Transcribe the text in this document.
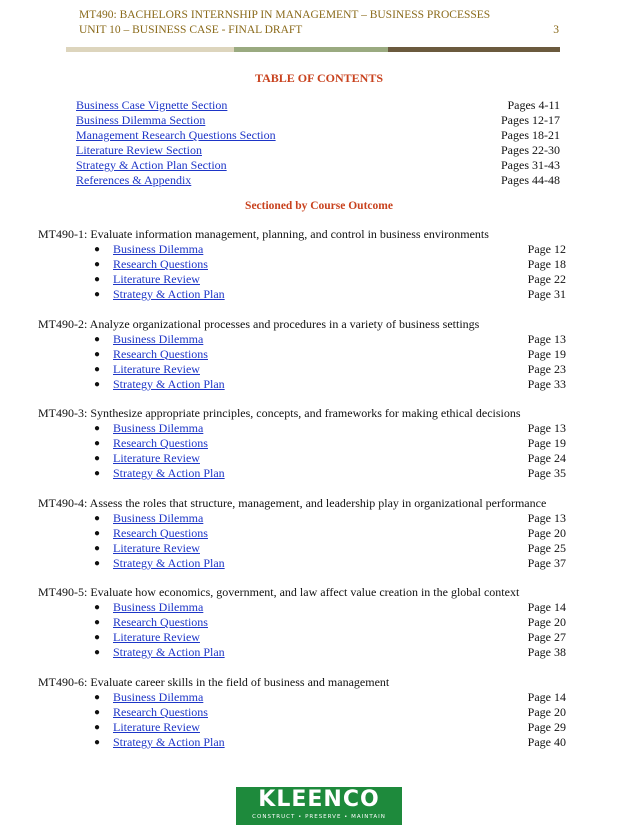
MT490: BACHELORS INTERNSHIP IN MANAGEMENT – BUSINESS PROCESSES
UNIT 10 – BUSINESS CASE - FINAL DRAFT	3
TABLE OF CONTENTS
Business Case Vignette Section	Pages 4-11
Business Dilemma Section	Pages 12-17
Management Research Questions Section	Pages 18-21
Literature Review Section	Pages 22-30
Strategy & Action Plan Section	Pages 31-43
References & Appendix	Pages 44-48
Sectioned by Course Outcome
MT490-1: Evaluate information management, planning, and control in business environments
● Business Dilemma	Page 12
● Research Questions	Page 18
● Literature Review	Page 22
● Strategy & Action Plan	Page 31
MT490-2: Analyze organizational processes and procedures in a variety of business settings
● Business Dilemma	Page 13
● Research Questions	Page 19
● Literature Review	Page 23
● Strategy & Action Plan	Page 33
MT490-3: Synthesize appropriate principles, concepts, and frameworks for making ethical decisions
● Business Dilemma	Page 13
● Research Questions	Page 19
● Literature Review	Page 24
● Strategy & Action Plan	Page 35
MT490-4: Assess the roles that structure, management, and leadership play in organizational performance
● Business Dilemma	Page 13
● Research Questions	Page 20
● Literature Review	Page 25
● Strategy & Action Plan	Page 37
MT490-5: Evaluate how economics, government, and law affect value creation in the global context
● Business Dilemma	Page 14
● Research Questions	Page 20
● Literature Review	Page 27
● Strategy & Action Plan	Page 38
MT490-6: Evaluate career skills in the field of business and management
● Business Dilemma	Page 14
● Research Questions	Page 20
● Literature Review	Page 29
● Strategy & Action Plan	Page 40
KLEENCO
CONSTRUCT • PRESERVE • MAINTAIN
